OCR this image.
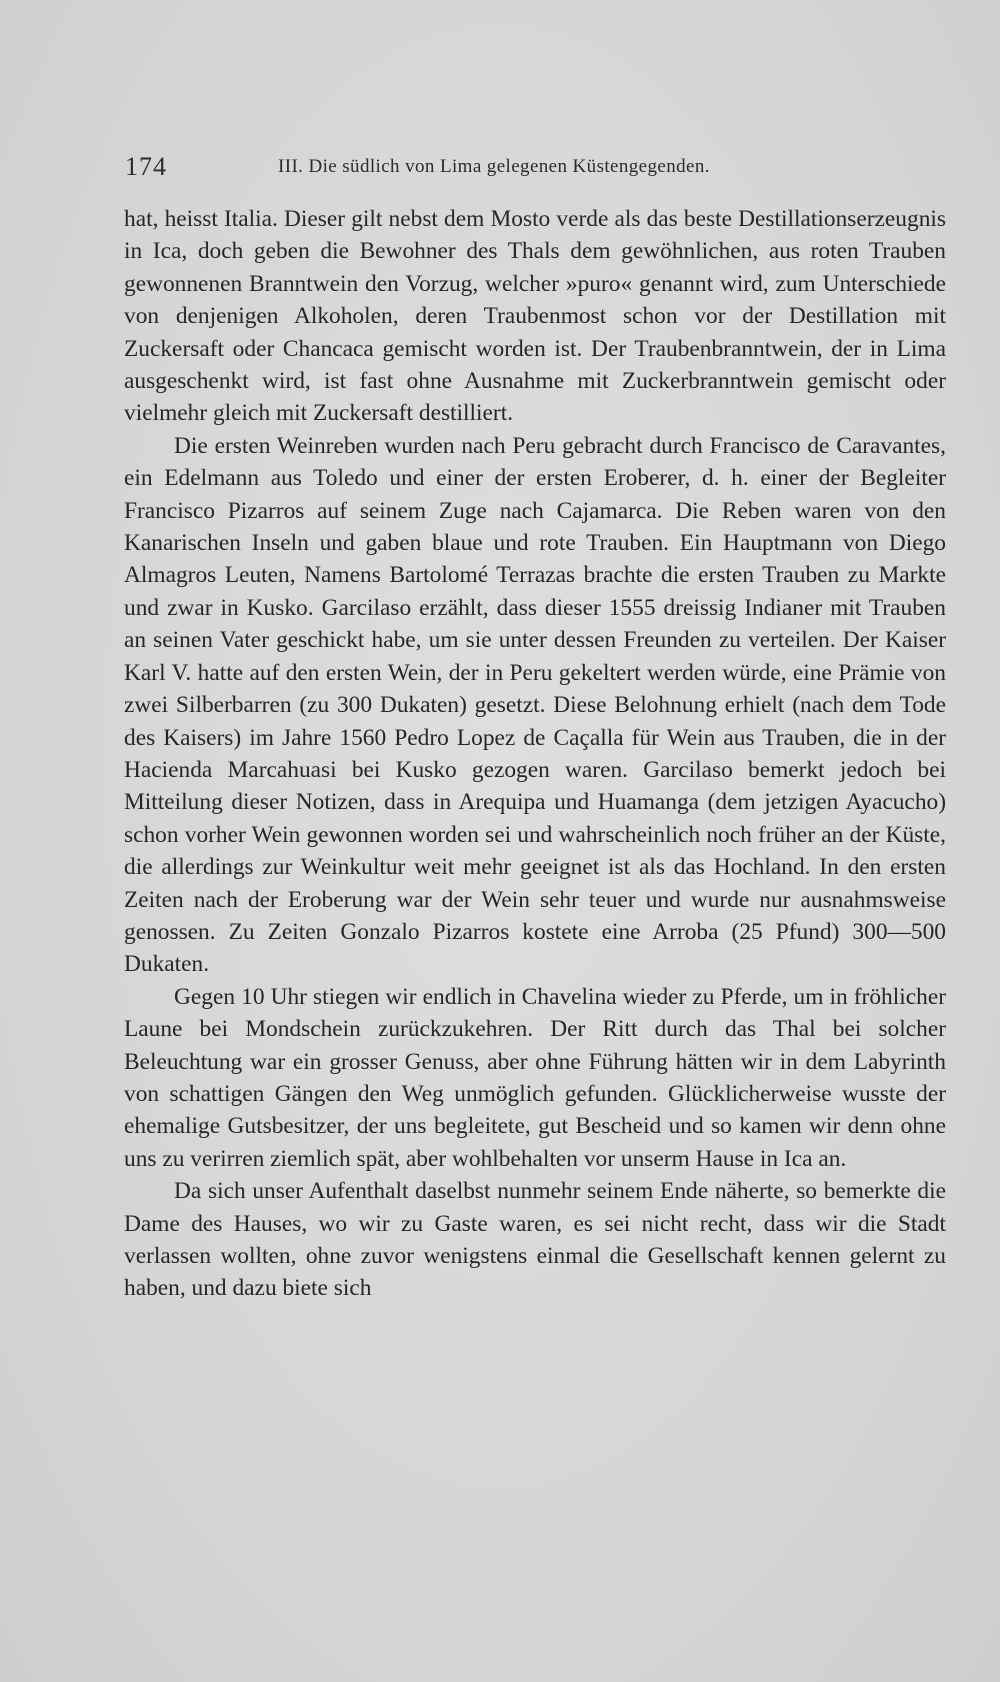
174	III. Die südlich von Lima gelegenen Küstengegenden.

hat, heisst Italia. Dieser gilt nebst dem Mosto verde als das beste Destillationserzeugnis in Ica, doch geben die Bewohner des Thals dem gewöhnlichen, aus roten Trauben gewonnenen Branntwein den Vorzug, welcher »puro« genannt wird, zum Unterschiede von denjenigen Alkoholen, deren Traubenmost schon vor der Destillation mit Zuckersaft oder Chancaca gemischt worden ist. Der Traubenbranntwein, der in Lima ausgeschenkt wird, ist fast ohne Ausnahme mit Zuckerbranntwein gemischt oder vielmehr gleich mit Zuckersaft destilliert.

Die ersten Weinreben wurden nach Peru gebracht durch Francisco de Caravantes, ein Edelmann aus Toledo und einer der ersten Eroberer, d. h. einer der Begleiter Francisco Pizarros auf seinem Zuge nach Cajamarca. Die Reben waren von den Kanarischen Inseln und gaben blaue und rote Trauben. Ein Hauptmann von Diego Almagros Leuten, Namens Bartolomé Terrazas brachte die ersten Trauben zu Markte und zwar in Kusko. Garcilaso erzählt, dass dieser 1555 dreissig Indianer mit Trauben an seinen Vater geschickt habe, um sie unter dessen Freunden zu verteilen. Der Kaiser Karl V. hatte auf den ersten Wein, der in Peru gekeltert werden würde, eine Prämie von zwei Silberbarren (zu 300 Dukaten) gesetzt. Diese Belohnung erhielt (nach dem Tode des Kaisers) im Jahre 1560 Pedro Lopez de Caçalla für Wein aus Trauben, die in der Hacienda Marcahuasi bei Kusko gezogen waren. Garcilaso bemerkt jedoch bei Mitteilung dieser Notizen, dass in Arequipa und Huamanga (dem jetzigen Ayacucho) schon vorher Wein gewonnen worden sei und wahrscheinlich noch früher an der Küste, die allerdings zur Weinkultur weit mehr geeignet ist als das Hochland. In den ersten Zeiten nach der Eroberung war der Wein sehr teuer und wurde nur ausnahmsweise genossen. Zu Zeiten Gonzalo Pizarros kostete eine Arroba (25 Pfund) 300—500 Dukaten.

Gegen 10 Uhr stiegen wir endlich in Chavelina wieder zu Pferde, um in fröhlicher Laune bei Mondschein zurückzukehren. Der Ritt durch das Thal bei solcher Beleuchtung war ein grosser Genuss, aber ohne Führung hätten wir in dem Labyrinth von schattigen Gängen den Weg unmöglich gefunden. Glücklicherweise wusste der ehemalige Gutsbesitzer, der uns begleitete, gut Bescheid und so kamen wir denn ohne uns zu verirren ziemlich spät, aber wohlbehalten vor unserm Hause in Ica an.

Da sich unser Aufenthalt daselbst nunmehr seinem Ende näherte, so bemerkte die Dame des Hauses, wo wir zu Gaste waren, es sei nicht recht, dass wir die Stadt verlassen wollten, ohne zuvor wenigstens einmal die Gesellschaft kennen gelernt zu haben, und dazu biete sich
